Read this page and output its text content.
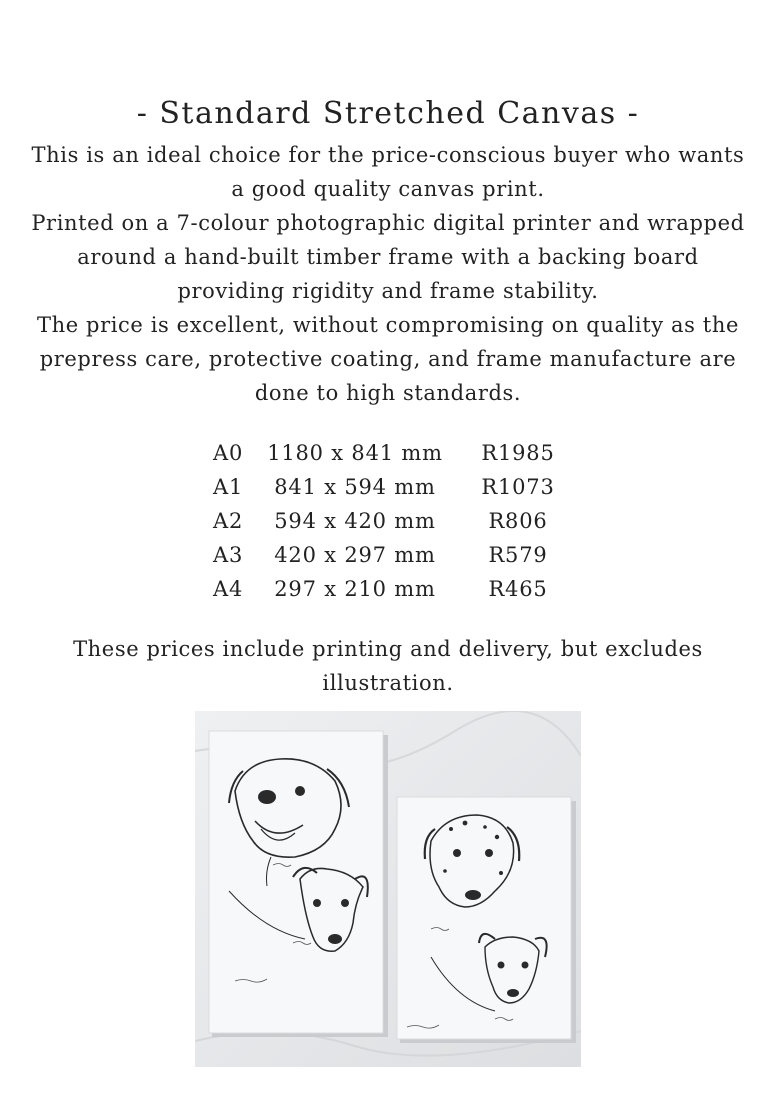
- Standard Stretched Canvas -

This is an ideal choice for the price-conscious buyer who wants a good quality canvas print.

Printed on a 7-colour photographic digital printer and wrapped around a hand-built timber frame with a backing board providing rigidity and frame stability.

The price is excellent, without compromising on quality as the prepress care, protective coating, and frame manufacture are done to high standards.

A0	1180 x 841 mm	R1985
A1	841 x 594 mm	R1073
A2	594 x 420 mm	R806
A3	420 x 297 mm	R579
A4	297 x 210 mm	R465
These prices include printing and delivery, but excludes illustration.
